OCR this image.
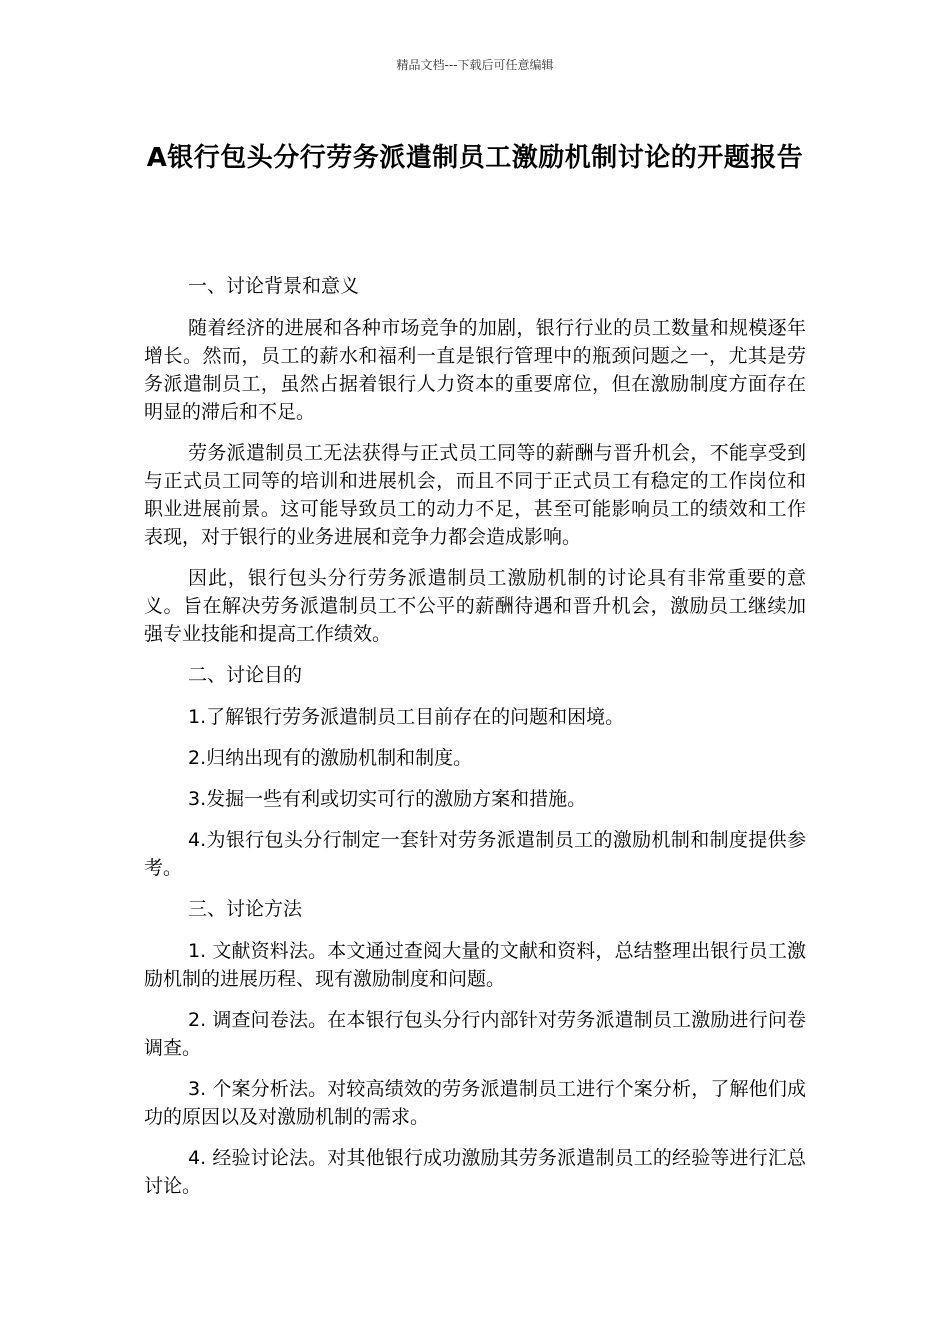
精品文档---下载后可任意编辑
A银行包头分行劳务派遣制员工激励机制讨论的开题报告

一、讨论背景和意义

随着经济的进展和各种市场竞争的加剧，银行行业的员工数量和规模逐年增长。然而，员工的薪水和福利一直是银行管理中的瓶颈问题之一，尤其是劳务派遣制员工，虽然占据着银行人力资本的重要席位，但在激励制度方面存在明显的滞后和不足。

劳务派遣制员工无法获得与正式员工同等的薪酬与晋升机会，不能享受到与正式员工同等的培训和进展机会，而且不同于正式员工有稳定的工作岗位和职业进展前景。这可能导致员工的动力不足，甚至可能影响员工的绩效和工作表现，对于银行的业务进展和竞争力都会造成影响。

因此，银行包头分行劳务派遣制员工激励机制的讨论具有非常重要的意义。旨在解决劳务派遣制员工不公平的薪酬待遇和晋升机会，激励员工继续加强专业技能和提高工作绩效。

二、讨论目的

1.了解银行劳务派遣制员工目前存在的问题和困境。

2.归纳出现有的激励机制和制度。

3.发掘一些有利或切实可行的激励方案和措施。

4.为银行包头分行制定一套针对劳务派遣制员工的激励机制和制度提供参考。

三、讨论方法

1. 文献资料法。本文通过查阅大量的文献和资料，总结整理出银行员工激励机制的进展历程、现有激励制度和问题。

2. 调查问卷法。在本银行包头分行内部针对劳务派遣制员工激励进行问卷调查。

3. 个案分析法。对较高绩效的劳务派遣制员工进行个案分析，了解他们成功的原因以及对激励机制的需求。

4. 经验讨论法。对其他银行成功激励其劳务派遣制员工的经验等进行汇总讨论。
